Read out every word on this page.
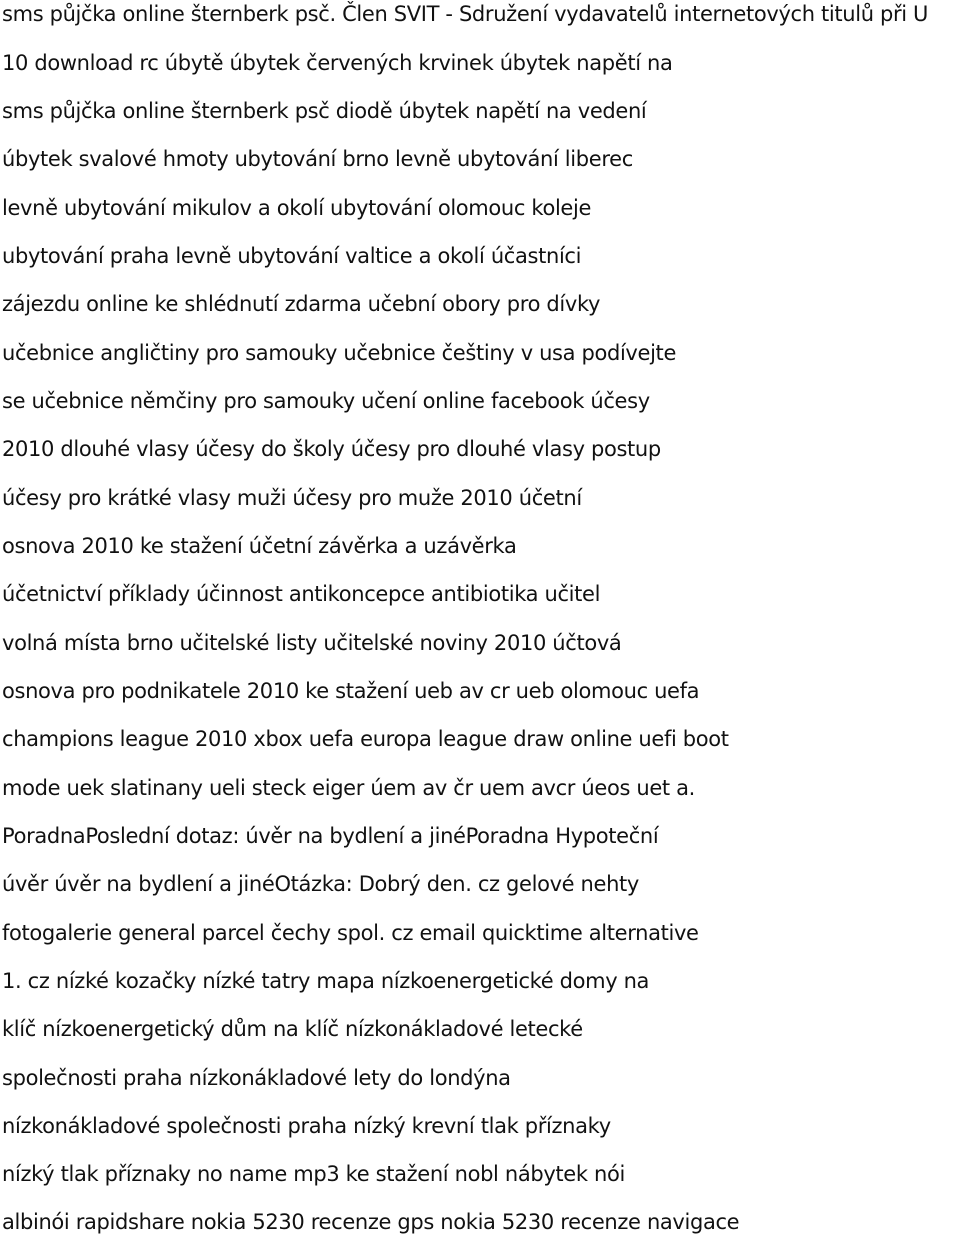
sms půjčka online šternberk psč. Člen SVIT - Sdružení vydavatelů internetových titulů při U
10 download rc úbytě úbytek červených krvinek úbytek napětí na
sms půjčka online šternberk psč diodě úbytek napětí na vedení
úbytek svalové hmoty ubytování brno levně ubytování liberec
levně ubytování mikulov a okolí ubytování olomouc koleje
ubytování praha levně ubytování valtice a okolí účastníci
zájezdu online ke shlédnutí zdarma učební obory pro dívky
učebnice angličtiny pro samouky učebnice češtiny v usa podívejte
se učebnice němčiny pro samouky učení online facebook účesy
2010 dlouhé vlasy účesy do školy účesy pro dlouhé vlasy postup
účesy pro krátké vlasy muži účesy pro muže 2010 účetní
osnova 2010 ke stažení účetní závěrka a uzávěrka
účetnictví příklady účinnost antikoncepce antibiotika učitel
volná místa brno učitelské listy učitelské noviny 2010 účtová
osnova pro podnikatele 2010 ke stažení ueb av cr ueb olomouc uefa
champions league 2010 xbox uefa europa league draw online uefi boot
mode uek slatinany ueli steck eiger úem av čr uem avcr úeos uet a.
PoradnaPoslední dotaz: úvěr na bydlení a jinéPoradna Hypoteční
úvěr úvěr na bydlení a jinéOtázka: Dobrý den. cz gelové nehty
fotogalerie general parcel čechy spol. cz email quicktime alternative
1. cz nízké kozačky nízké tatry mapa nízkoenergetické domy na
klíč nízkoenergetický dům na klíč nízkonákladové letecké
společnosti praha nízkonákladové lety do londýna
nízkonákladové společnosti praha nízký krevní tlak příznaky
nízký tlak příznaky no name mp3 ke stažení nobl nábytek nói
albinói rapidshare nokia 5230 recenze gps nokia 5230 recenze navigace
